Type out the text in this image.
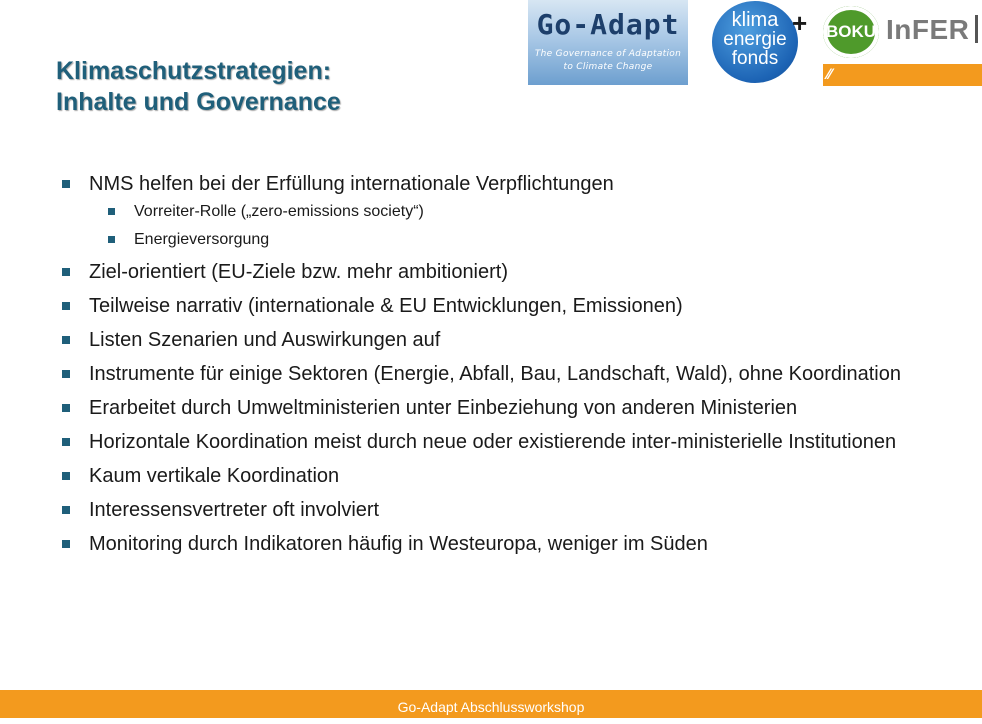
Klimaschutzstrategien:
Inhalte und Governance
Go-Adapt
The Governance of Adaptation
to Climate Change
klima
energie
fonds
+ BOKU InFER
⁄⁄
NMS helfen bei der Erfüllung internationale Verpflichtungen
Vorreiter-Rolle („zero-emissions society“)
Energieversorgung
Ziel-orientiert (EU-Ziele bzw. mehr ambitioniert)
Teilweise narrativ (internationale & EU Entwicklungen, Emissionen)
Listen Szenarien und Auswirkungen auf
Instrumente für einige Sektoren (Energie, Abfall, Bau, Landschaft, Wald), ohne Koordination
Erarbeitet durch Umweltministerien unter Einbeziehung von anderen Ministerien
Horizontale Koordination meist durch neue oder existierende inter-ministerielle Institutionen
Kaum vertikale Koordination
Interessensvertreter oft involviert
Monitoring durch Indikatoren häufig in Westeuropa, weniger im Süden
Go-Adapt Abschlussworkshop
